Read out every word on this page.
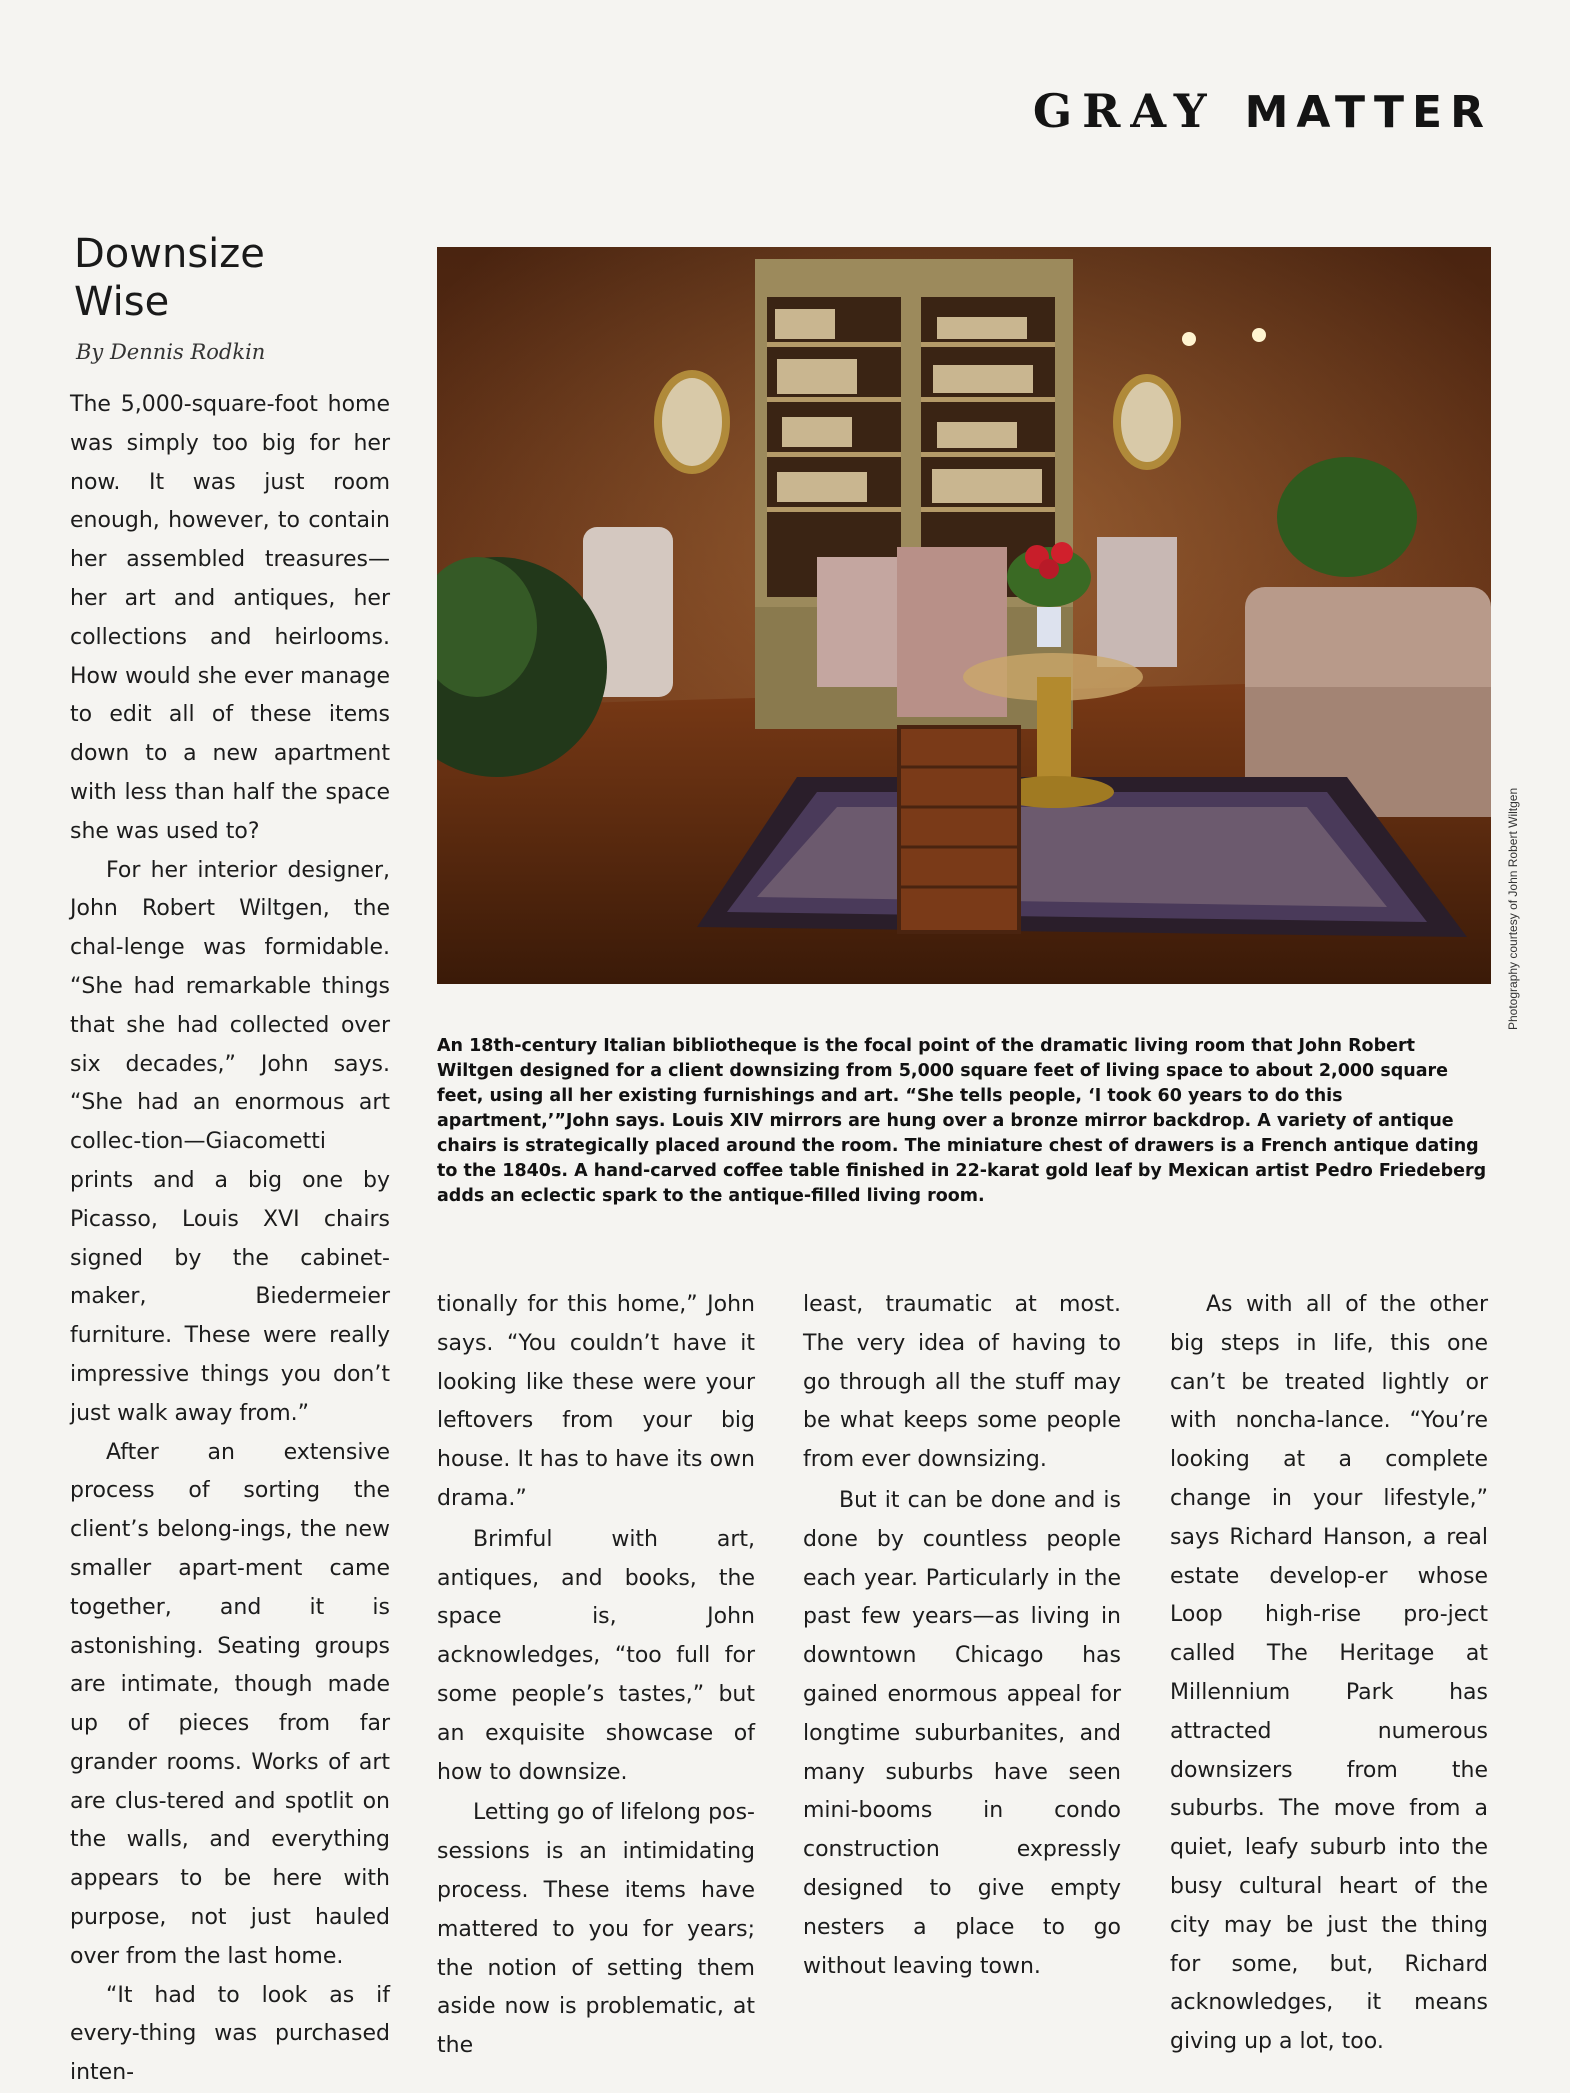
GRAY MATTER
Downsize
Wise
By Dennis Rodkin

The 5,000-square-foot home was simply too big for her now. It was just room enough, however, to contain her assembled treasures—her art and antiques, her collections and heirlooms. How would she ever manage to edit all of these items down to a new apartment with less than half the space she was used to?

For her interior designer, John Robert Wiltgen, the chal-lenge was formidable. “She had remarkable things that she had collected over six decades,” John says. “She had an enormous art collec-tion—Giacometti prints and a big one by Picasso, Louis XVI chairs signed by the cabinet-maker, Biedermeier furniture. These were really impressive things you don’t just walk away from.”

After an extensive process of sorting the client’s belong-ings, the new smaller apart-ment came together, and it is astonishing. Seating groups are intimate, though made up of pieces from far grander rooms. Works of art are clus-tered and spotlit on the walls, and everything appears to be here with purpose, not just hauled over from the last home.

“It had to look as if every-thing was purchased inten-

Photography courtesy of John Robert Wiltgen

An 18th-century Italian bibliotheque is the focal point of the dramatic living room that John Robert Wiltgen designed for a client downsizing from 5,000 square feet of living space to about 2,000 square feet, using all her existing furnishings and art. “She tells people, ‘I took 60 years to do this apartment,’”John says. Louis XIV mirrors are hung over a bronze mirror backdrop. A variety of antique chairs is strategically placed around the room. The miniature chest of drawers is a French antique dating to the 1840s. A hand-carved coffee table finished in 22-karat gold leaf by Mexican artist Pedro Friedeberg adds an eclectic spark to the antique-filled living room.

tionally for this home,” John says. “You couldn’t have it looking like these were your leftovers from your big house. It has to have its own drama.”

Brimful with art, antiques, and books, the space is, John acknowledges, “too full for some people’s tastes,” but an exquisite showcase of how to downsize.

Letting go of lifelong pos-sessions is an intimidating process. These items have mattered to you for years; the notion of setting them aside now is problematic, at the

least, traumatic at most. The very idea of having to go through all the stuff may be what keeps some people from ever downsizing.

But it can be done and is done by countless people each year. Particularly in the past few years—as living in downtown Chicago has gained enormous appeal for longtime suburbanites, and many suburbs have seen mini-booms in condo construction expressly designed to give empty nesters a place to go without leaving town.

As with all of the other big steps in life, this one can’t be treated lightly or with noncha-lance. “You’re looking at a complete change in your lifestyle,” says Richard Hanson, a real estate develop-er whose Loop high-rise pro-ject called The Heritage at Millennium Park has attracted numerous downsizers from the suburbs. The move from a quiet, leafy suburb into the busy cultural heart of the city may be just the thing for some, but, Richard acknowledges, it means giving up a lot, too.
